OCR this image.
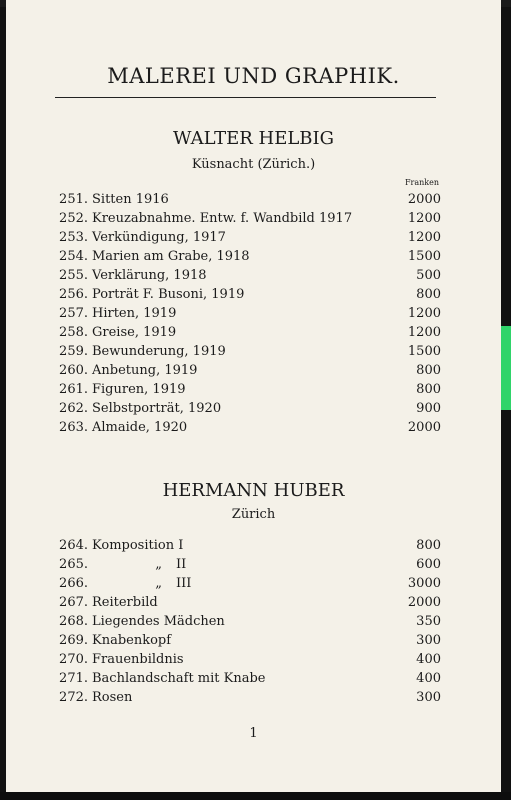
MALEREI UND GRAPHIK.
WALTER HELBIG
Küsnacht (Zürich.)
Franken
251. Sitten 1916	2000
252. Kreuzabnahme. Entw. f. Wandbild 1917	1200
253. Verkündigung, 1917	1200
254. Marien am Grabe, 1918	1500
255. Verklärung, 1918	500
256. Porträt F. Busoni, 1919	800
257. Hirten, 1919	1200
258. Greise, 1919	1200
259. Bewunderung, 1919	1500
260. Anbetung, 1919	800
261. Figuren, 1919	800
262. Selbstporträt, 1920	900
263. Almaide, 1920	2000
HERMANN HUBER
Zürich
264. Komposition I	800
265.	„ II	600
266.	„ III	3000
267. Reiterbild	2000
268. Liegendes Mädchen	350
269. Knabenkopf	300
270. Frauenbildnis	400
271. Bachlandschaft mit Knabe	400
272. Rosen	300
1
